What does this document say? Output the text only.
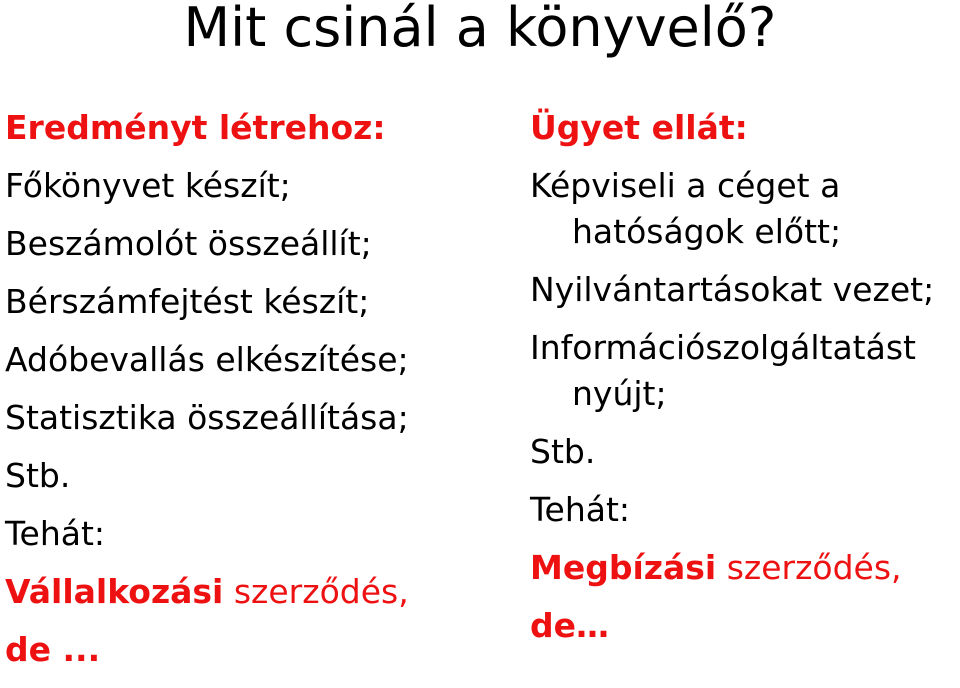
Mit csinál a könyvelő?

Eredményt létrehoz:

Főkönyvet készít;

Beszámolót összeállít;

Bérszámfejtést készít;

Adóbevallás elkészítése;

Statisztika összeállítása;

Stb.

Tehát:

Vállalkozási szerződés,

de ...

Ügyet ellát:

Képviseli a céget a

hatóságok előtt;

Nyilvántartásokat vezet;

Információszolgáltatást

nyújt;

Stb.

Tehát:

Megbízási szerződés,

de…
